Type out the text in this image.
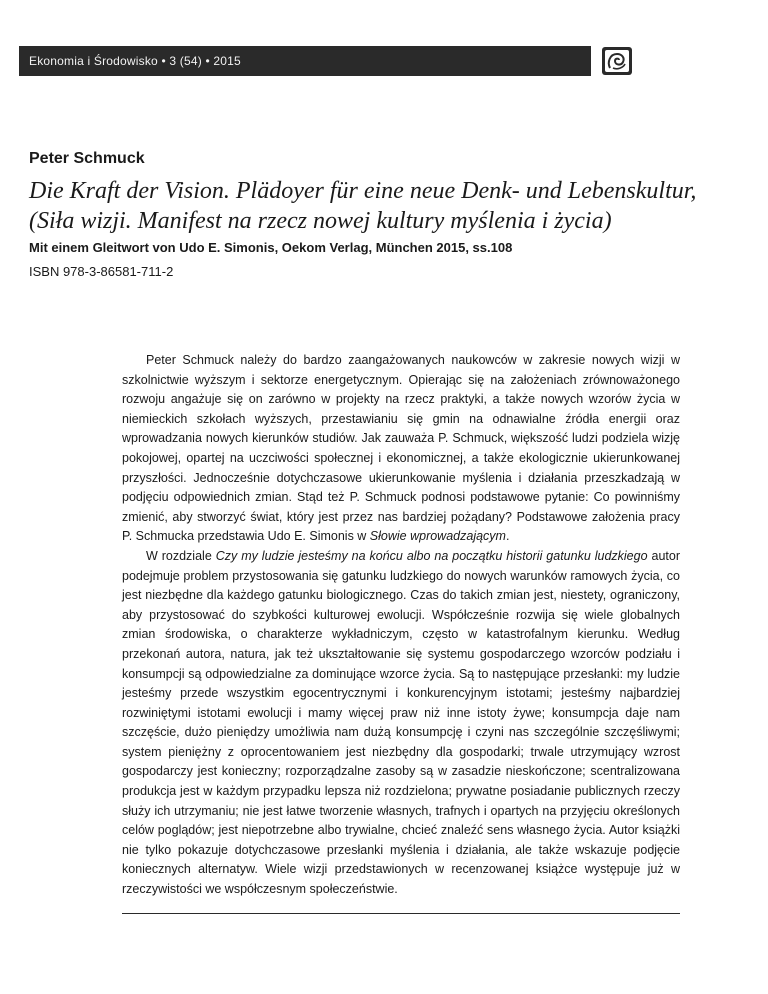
Ekonomia i Środowisko • 3 (54) • 2015
Peter Schmuck
Die Kraft der Vision. Plädoyer für eine neue Denk- und Lebenskultur,
(Siła wizji. Manifest na rzecz nowej kultury myślenia i życia)
Mit einem Gleitwort von Udo E. Simonis, Oekom Verlag, München 2015, ss.108
ISBN 978-3-86581-711-2

Peter Schmuck należy do bardzo zaangażowanych naukowców w zakresie nowych wizji w szkolnictwie wyższym i sektorze energetycznym. Opierając się na założeniach zrównoważonego rozwoju angażuje się on zarówno w projekty na rzecz praktyki, a także nowych wzorów życia w niemieckich szkołach wyższych, przestawianiu się gmin na odnawialne źródła energii oraz wprowadzania nowych kierunków studiów. Jak zauważa P. Schmuck, większość ludzi podziela wizję pokojowej, opartej na uczciwości społecznej i ekonomicznej, a także ekologicznie ukierunkowanej przyszłości. Jednocześnie dotychczasowe ukierunkowanie myślenia i działania przeszkadzają w podjęciu odpowiednich zmian. Stąd też P. Schmuck podnosi podstawowe pytanie: Co powinniśmy zmienić, aby stworzyć świat, który jest przez nas bardziej pożądany? Podstawowe założenia pracy P. Schmucka przedstawia Udo E. Simonis w Słowie wprowadzającym.

W rozdziale Czy my ludzie jesteśmy na końcu albo na początku historii gatunku ludzkiego autor podejmuje problem przystosowania się gatunku ludzkiego do nowych warunków ramowych życia, co jest niezbędne dla każdego gatunku biologicznego. Czas do takich zmian jest, niestety, ograniczony, aby przystosować do szybkości kulturowej ewolucji. Współcześnie rozwija się wiele globalnych zmian środowiska, o charakterze wykładniczym, często w katastrofalnym kierunku. Według przekonań autora, natura, jak też ukształtowanie się systemu gospodarczego wzorców podziału i konsumpcji są odpowiedzialne za dominujące wzorce życia. Są to następujące przesłanki: my ludzie jesteśmy przede wszystkim egocentrycznymi i konkurencyjnym istotami; jesteśmy najbardziej rozwiniętymi istotami ewolucji i mamy więcej praw niż inne istoty żywe; konsumpcja daje nam szczęście, dużo pieniędzy umożliwia nam dużą konsumpcję i czyni nas szczególnie szczęśliwymi; system pieniężny z oprocentowaniem jest niezbędny dla gospodarki; trwale utrzymujący wzrost gospodarczy jest konieczny; rozporządzalne zasoby są w zasadzie nieskończone; scentralizowana produkcja jest w każdym przypadku lepsza niż rozdzielona; prywatne posiadanie publicznych rzeczy służy ich utrzymaniu; nie jest łatwe tworzenie własnych, trafnych i opartych na przyjęciu określonych celów poglądów; jest niepotrzebne albo trywialne, chcieć znaleźć sens własnego życia. Autor książki nie tylko pokazuje dotychczasowe przesłanki myślenia i działania, ale także wskazuje podjęcie koniecznych alternatyw. Wiele wizji przedstawionych w recenzowanej książce występuje już w rzeczywistości we współczesnym społeczeństwie.
